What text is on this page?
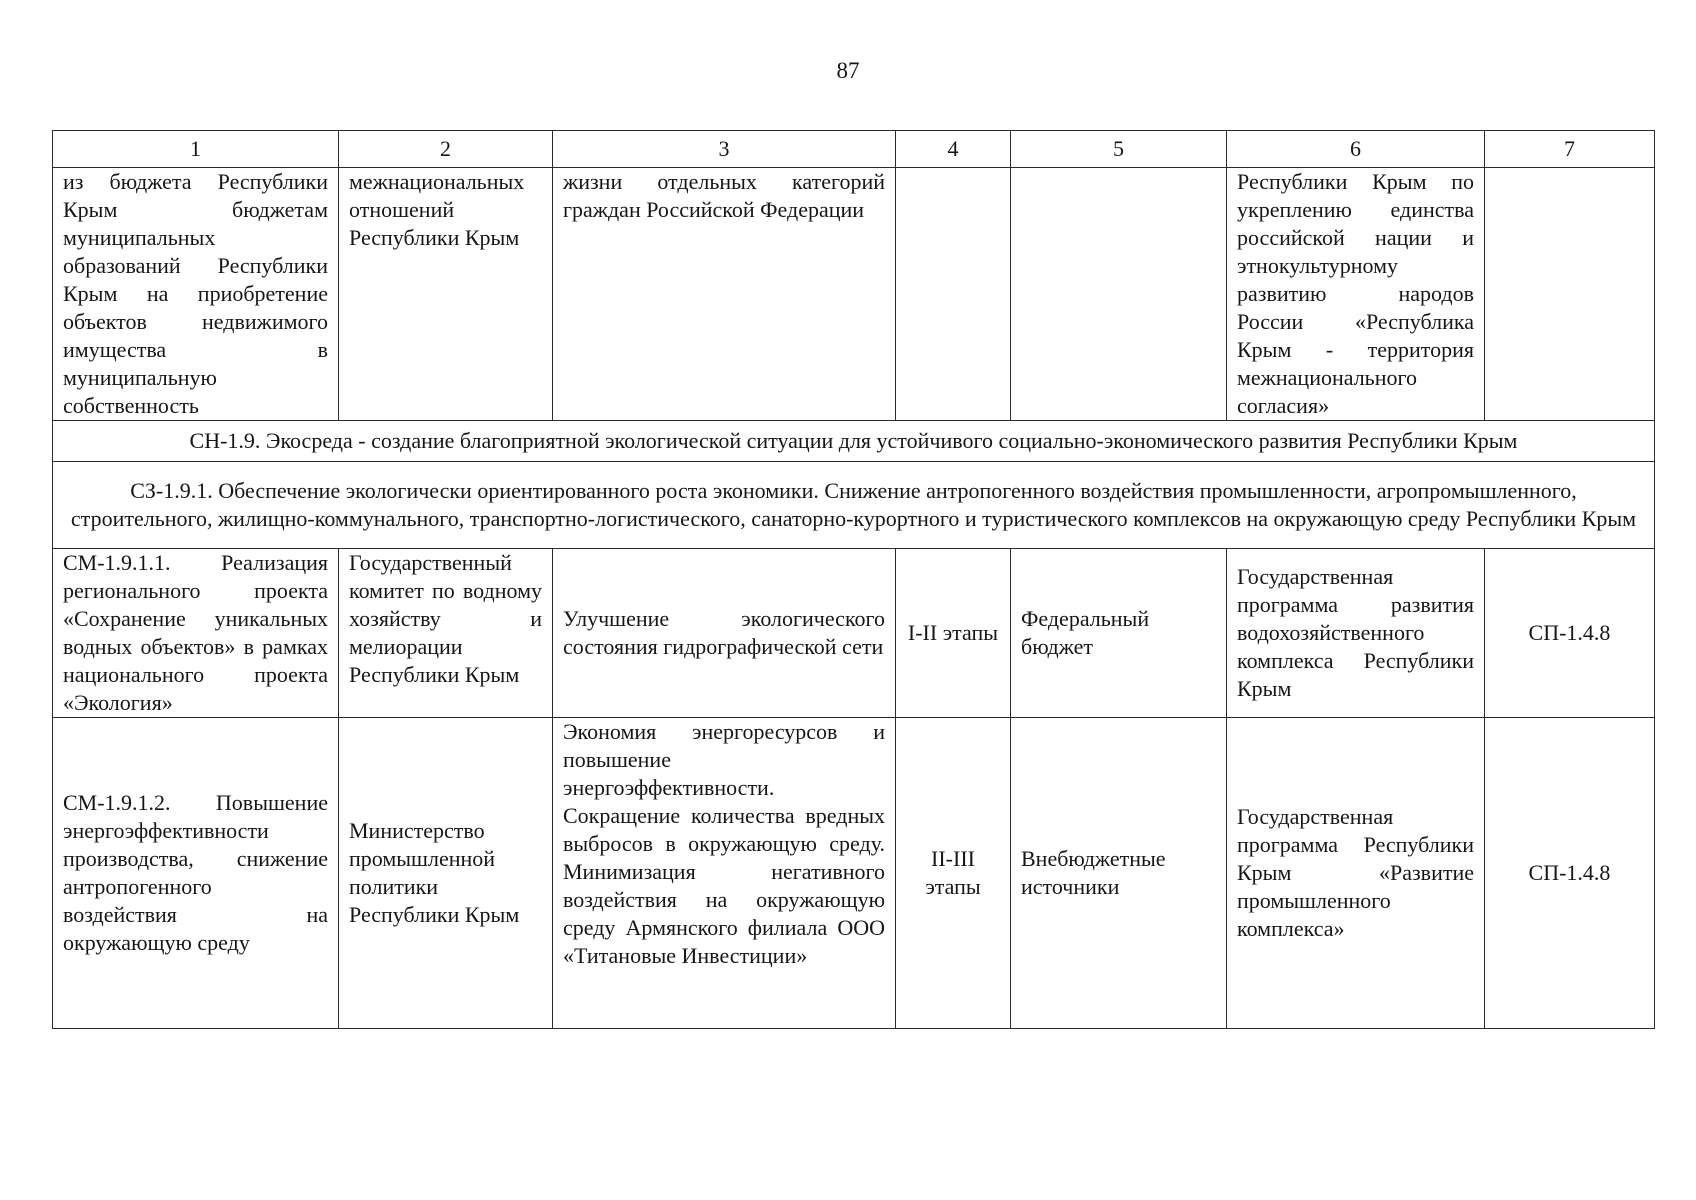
87
1	2	3	4	5	6	7
из бюджета Республики Крым бюджетам муниципальных образований Республики Крым на приобретение объектов недвижимого имущества в муниципальную собственность	межнациональных отношений Республики Крым	жизни отдельных категорий граждан Российской Федерации			Республики Крым по укреплению единства российской нации и этнокультурному развитию народов России «Республика Крым - территория межнационального согласия»	
СН-1.9. Экосреда - создание благоприятной экологической ситуации для устойчивого социально-экономического развития Республики Крым						
СЗ-1.9.1. Обеспечение экологически ориентированного роста экономики. Снижение антропогенного воздействия промышленности, агропромышленного, строительного, жилищно-коммунального, транспортно-логистического, санаторно-курортного и туристического комплексов на окружающую среду Республики Крым						
СМ-1.9.1.1. Реализация регионального проекта «Сохранение уникальных водных объектов» в рамках национального проекта «Экология»	Государственный комитет по водному хозяйству и мелиорации Республики Крым	Улучшение экологического состояния гидрографической сети	I-II этапы	Федеральный бюджет	Государственная программа развития водохозяйственного комплекса Республики Крым	СП-1.4.8
СМ-1.9.1.2. Повышение энергоэффективности производства, снижение антропогенного воздействия на окружающую среду	Министерство промышленной политики Республики Крым	Экономия энергоресурсов и повышение энергоэффективности. Сокращение количества вредных выбросов в окружающую среду. Минимизация негативного воздействия на окружающую среду Армянского филиала ООО «Титановые Инвестиции»	II-III этапы	Внебюджетные источники	Государственная программа Республики Крым «Развитие промышленного комплекса»	СП-1.4.8
